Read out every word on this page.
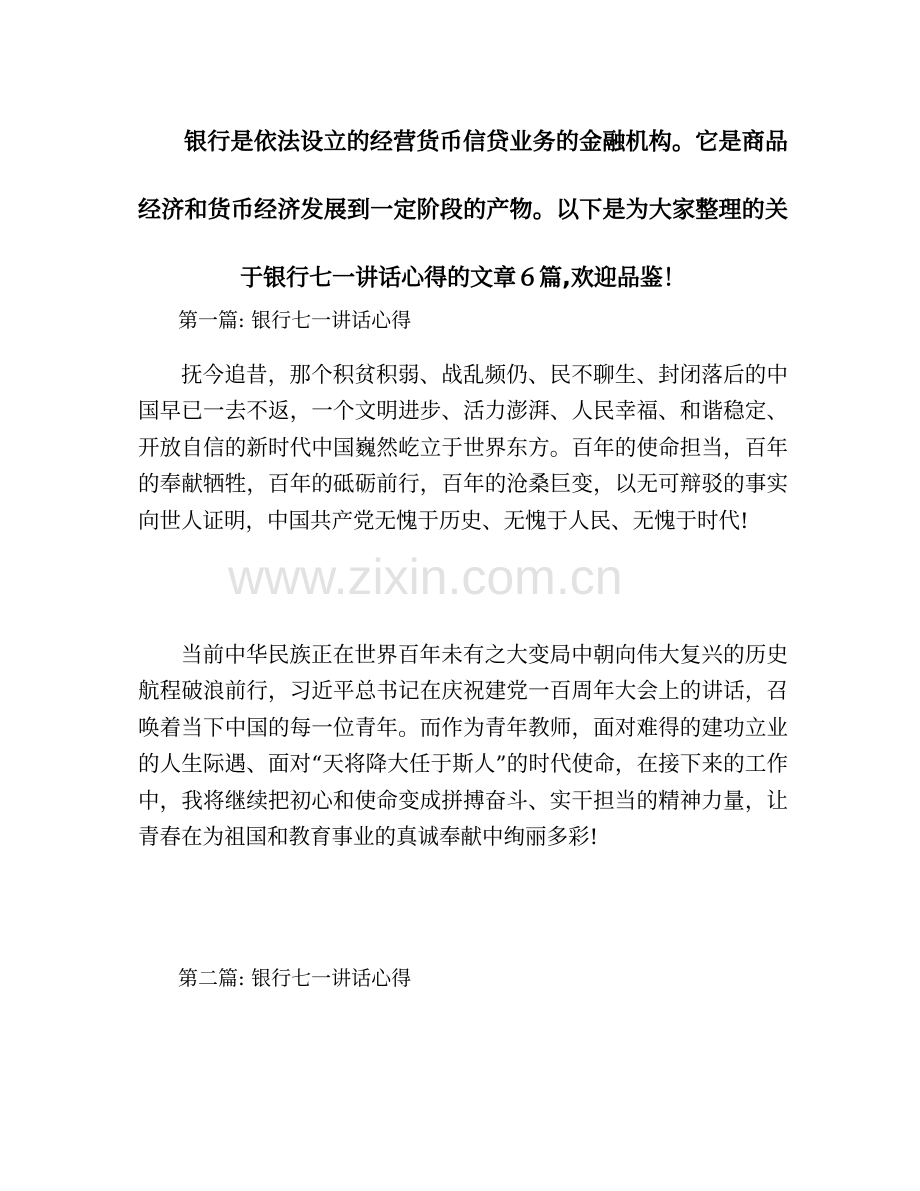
银行是依法设立的经营货币信贷业务的金融机构。它是商品经济和货币经济发展到一定阶段的产物。以下是为大家整理的关于银行七一讲话心得的文章６篇,欢迎品鉴！

第一篇: 银行七一讲话心得

抚今追昔，那个积贫积弱、战乱频仍、民不聊生、封闭落后的中国早已一去不返，一个文明进步、活力澎湃、人民幸福、和谐稳定、开放自信的新时代中国巍然屹立于世界东方。百年的使命担当，百年的奉献牺牲，百年的砥砺前行，百年的沧桑巨变，以无可辩驳的事实向世人证明，中国共产党无愧于历史、无愧于人民、无愧于时代!

当前中华民族正在世界百年未有之大变局中朝向伟大复兴的历史航程破浪前行，习近平总书记在庆祝建党一百周年大会上的讲话，召唤着当下中国的每一位青年。而作为青年教师，面对难得的建功立业的人生际遇、面对“天将降大任于斯人”的时代使命，在接下来的工作中，我将继续把初心和使命变成拼搏奋斗、实干担当的精神力量，让青春在为祖国和教育事业的真诚奉献中绚丽多彩!

第二篇: 银行七一讲话心得

www.zixin.com.cn
